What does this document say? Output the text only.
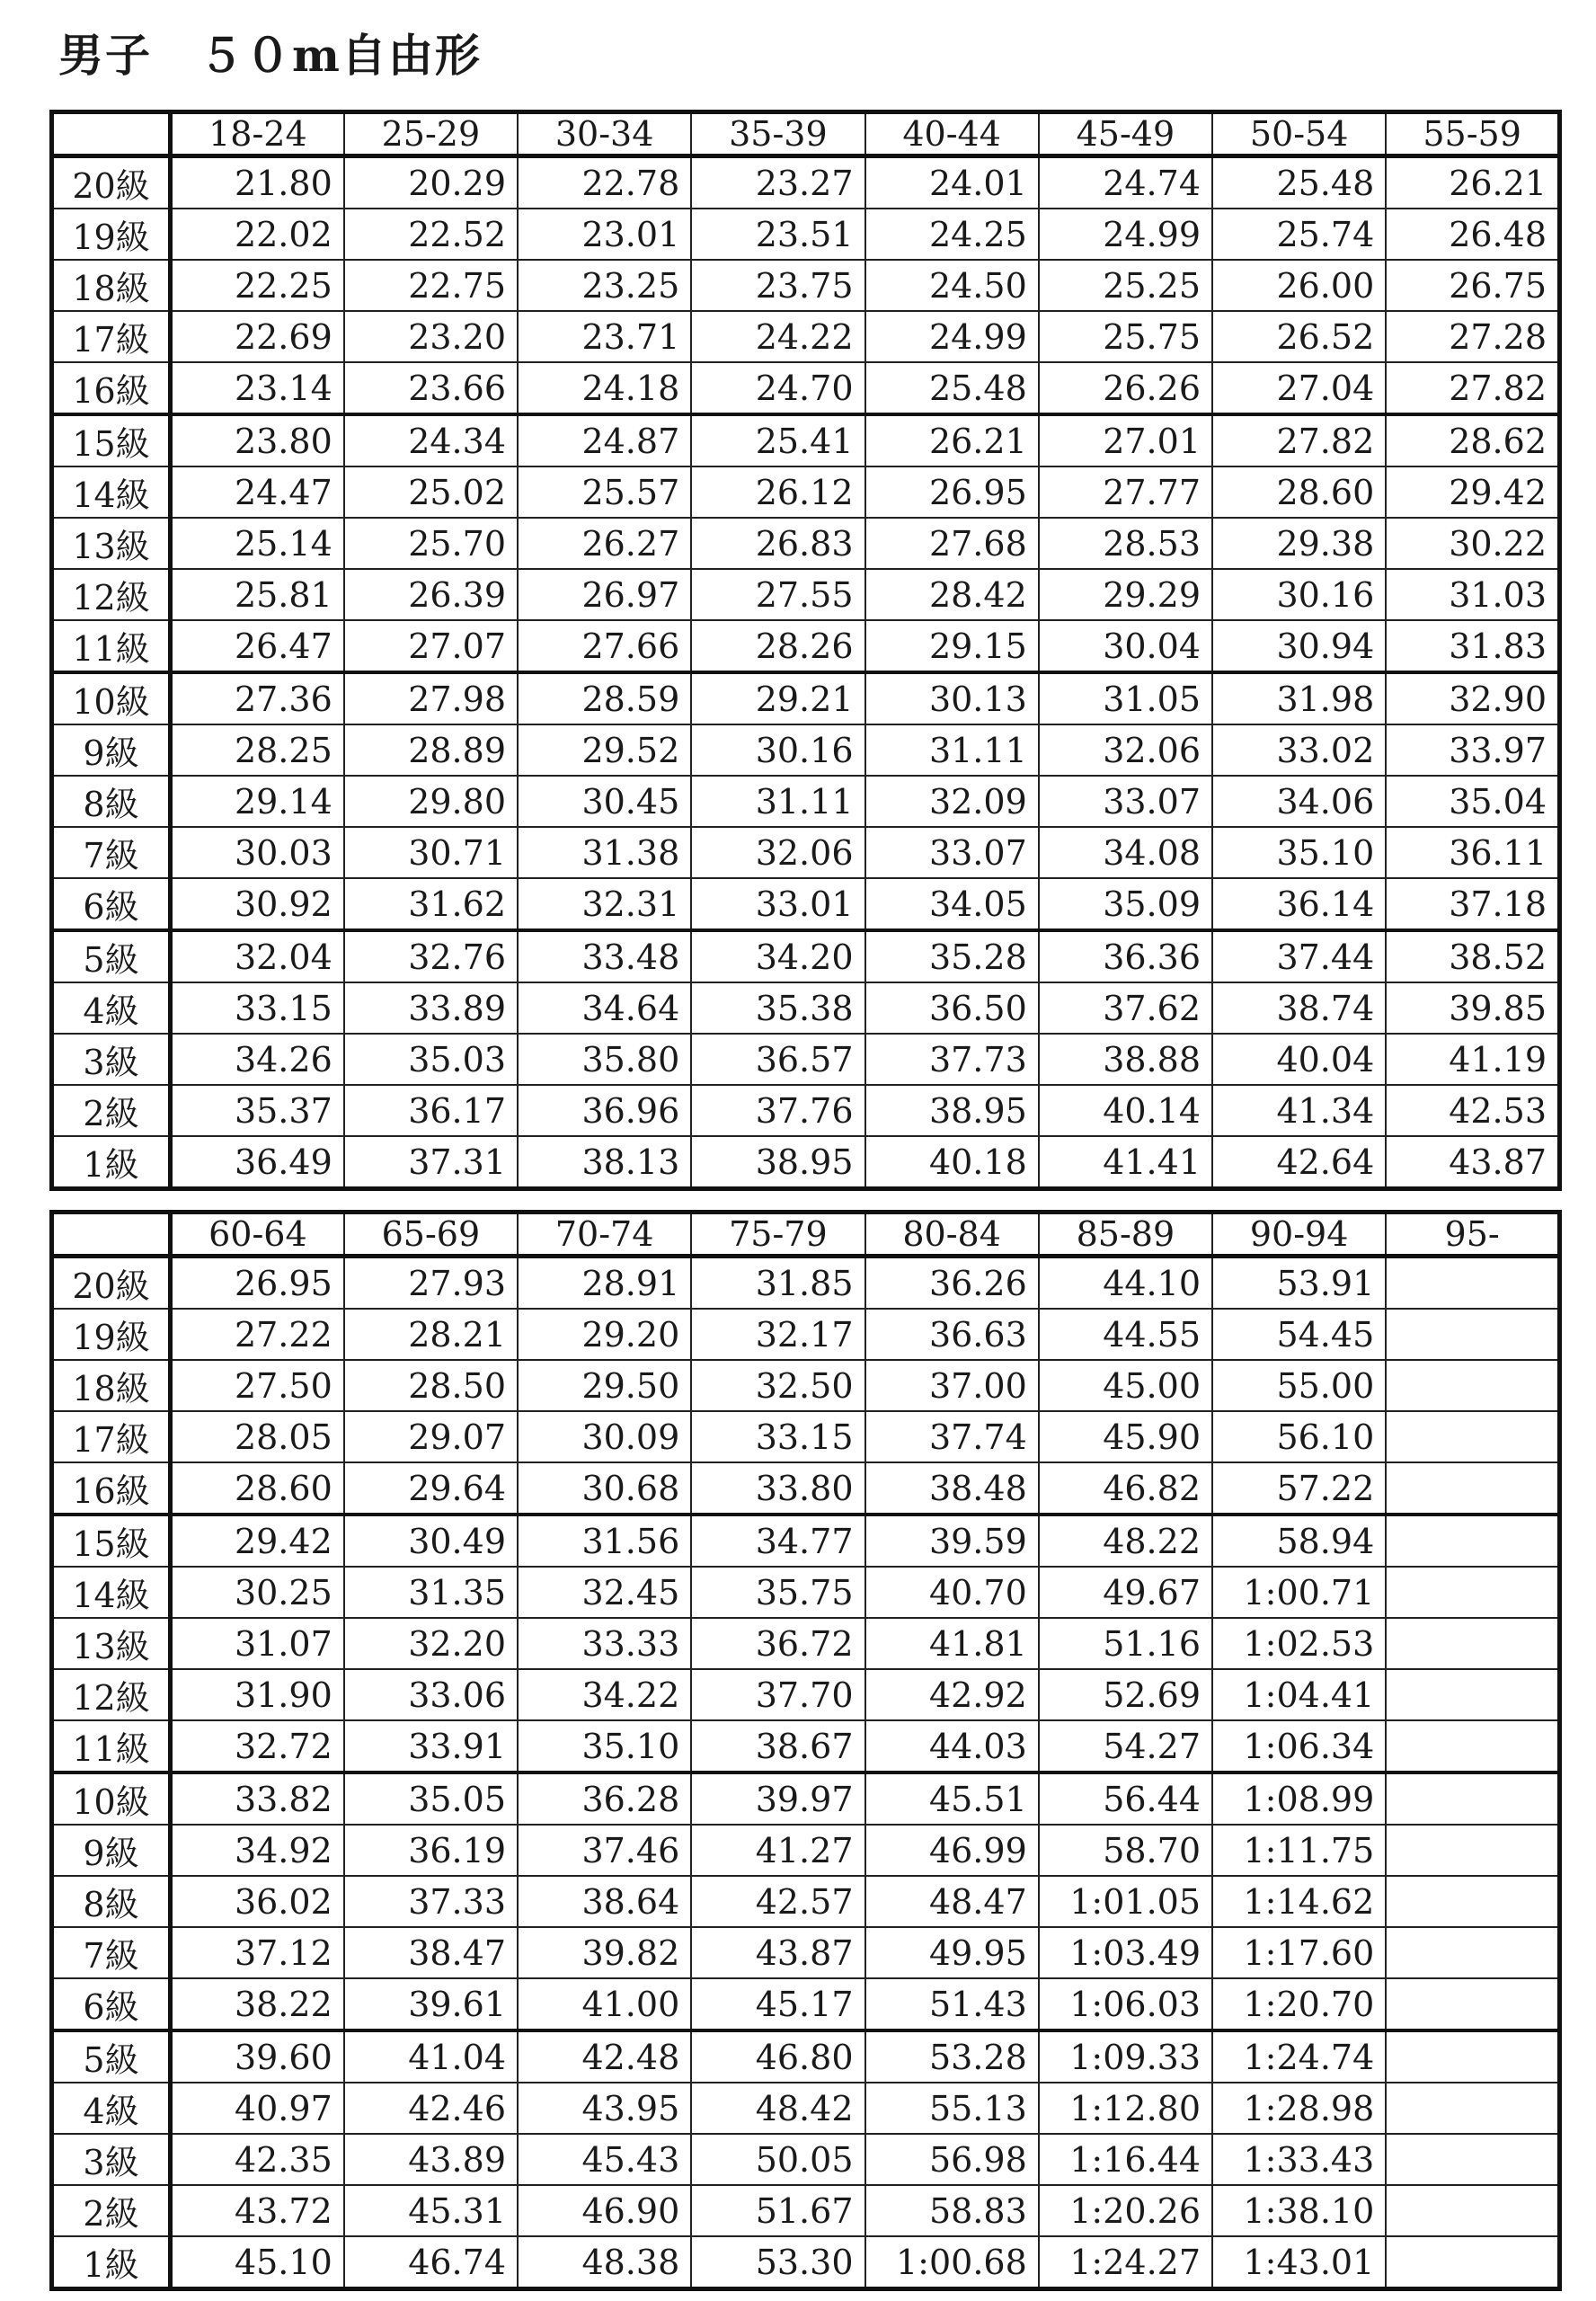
男子　５０m自由形
	18-24	25-29	30-34	35-39	40-44	45-49	50-54	55-59
20級	21.80	20.29	22.78	23.27	24.01	24.74	25.48	26.21
19級	22.02	22.52	23.01	23.51	24.25	24.99	25.74	26.48
18級	22.25	22.75	23.25	23.75	24.50	25.25	26.00	26.75
17級	22.69	23.20	23.71	24.22	24.99	25.75	26.52	27.28
16級	23.14	23.66	24.18	24.70	25.48	26.26	27.04	27.82
15級	23.80	24.34	24.87	25.41	26.21	27.01	27.82	28.62
14級	24.47	25.02	25.57	26.12	26.95	27.77	28.60	29.42
13級	25.14	25.70	26.27	26.83	27.68	28.53	29.38	30.22
12級	25.81	26.39	26.97	27.55	28.42	29.29	30.16	31.03
11級	26.47	27.07	27.66	28.26	29.15	30.04	30.94	31.83
10級	27.36	27.98	28.59	29.21	30.13	31.05	31.98	32.90
9級	28.25	28.89	29.52	30.16	31.11	32.06	33.02	33.97
8級	29.14	29.80	30.45	31.11	32.09	33.07	34.06	35.04
7級	30.03	30.71	31.38	32.06	33.07	34.08	35.10	36.11
6級	30.92	31.62	32.31	33.01	34.05	35.09	36.14	37.18
5級	32.04	32.76	33.48	34.20	35.28	36.36	37.44	38.52
4級	33.15	33.89	34.64	35.38	36.50	37.62	38.74	39.85
3級	34.26	35.03	35.80	36.57	37.73	38.88	40.04	41.19
2級	35.37	36.17	36.96	37.76	38.95	40.14	41.34	42.53
1級	36.49	37.31	38.13	38.95	40.18	41.41	42.64	43.87
	60-64	65-69	70-74	75-79	80-84	85-89	90-94	95-
20級	26.95	27.93	28.91	31.85	36.26	44.10	53.91	
19級	27.22	28.21	29.20	32.17	36.63	44.55	54.45	
18級	27.50	28.50	29.50	32.50	37.00	45.00	55.00	
17級	28.05	29.07	30.09	33.15	37.74	45.90	56.10	
16級	28.60	29.64	30.68	33.80	38.48	46.82	57.22	
15級	29.42	30.49	31.56	34.77	39.59	48.22	58.94	
14級	30.25	31.35	32.45	35.75	40.70	49.67	1:00.71	
13級	31.07	32.20	33.33	36.72	41.81	51.16	1:02.53	
12級	31.90	33.06	34.22	37.70	42.92	52.69	1:04.41	
11級	32.72	33.91	35.10	38.67	44.03	54.27	1:06.34	
10級	33.82	35.05	36.28	39.97	45.51	56.44	1:08.99	
9級	34.92	36.19	37.46	41.27	46.99	58.70	1:11.75	
8級	36.02	37.33	38.64	42.57	48.47	1:01.05	1:14.62	
7級	37.12	38.47	39.82	43.87	49.95	1:03.49	1:17.60	
6級	38.22	39.61	41.00	45.17	51.43	1:06.03	1:20.70	
5級	39.60	41.04	42.48	46.80	53.28	1:09.33	1:24.74	
4級	40.97	42.46	43.95	48.42	55.13	1:12.80	1:28.98	
3級	42.35	43.89	45.43	50.05	56.98	1:16.44	1:33.43	
2級	43.72	45.31	46.90	51.67	58.83	1:20.26	1:38.10	
1級	45.10	46.74	48.38	53.30	1:00.68	1:24.27	1:43.01	
